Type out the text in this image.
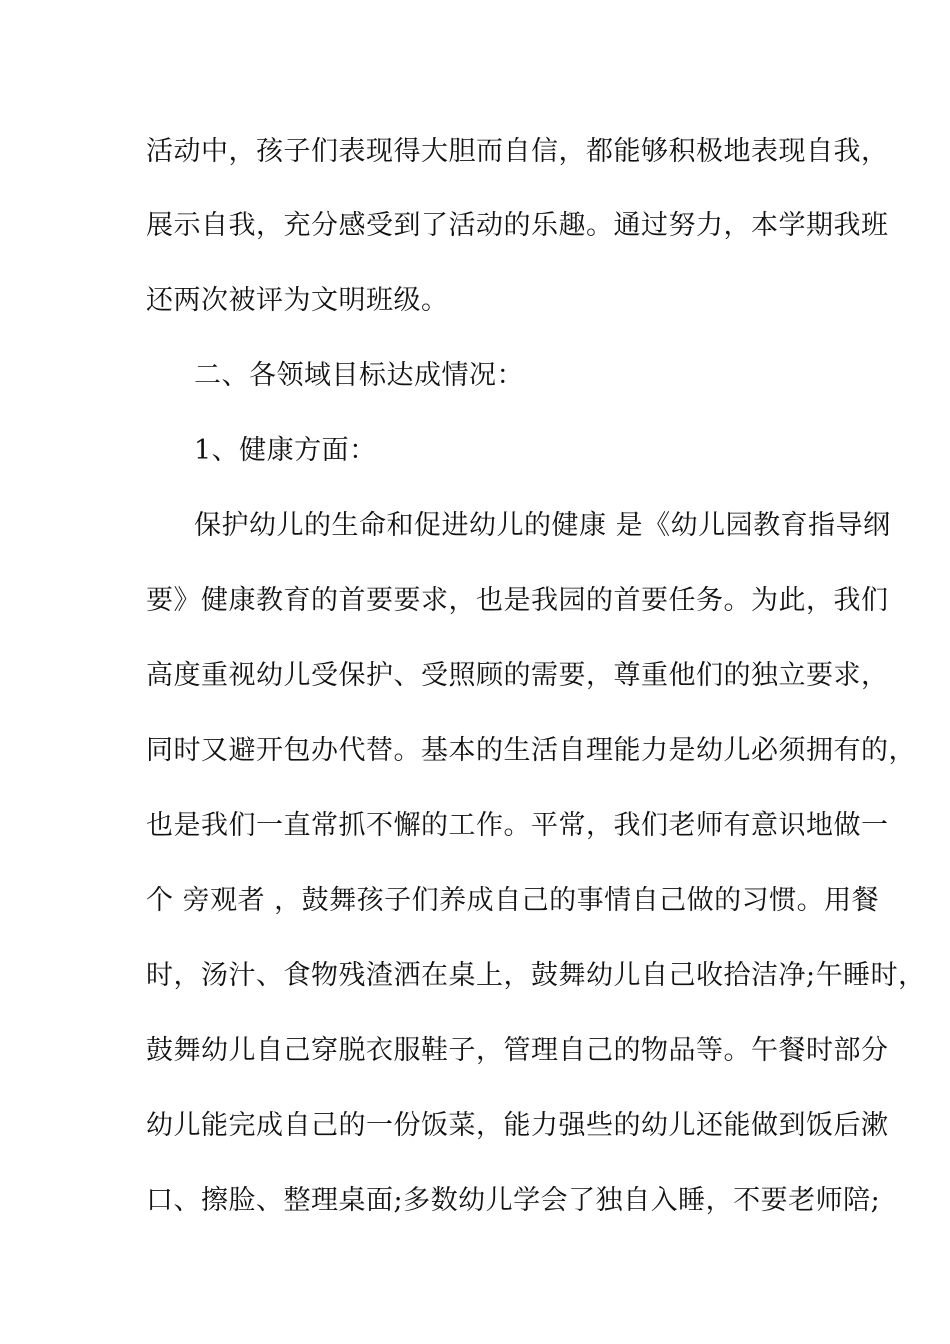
活动中，孩子们表现得大胆而自信，都能够积极地表现自我，
展示自我，充分感受到了活动的乐趣。通过努力，本学期我班
还两次被评为文明班级。
二、各领域目标达成情况：
1、健康方面：
保护幼儿的生命和促进幼儿的健康 是《幼儿园教育指导纲
要》健康教育的首要要求，也是我园的首要任务。为此，我们
高度重视幼儿受保护、受照顾的需要，尊重他们的独立要求，
同时又避开包办代替。基本的生活自理能力是幼儿必须拥有的，
也是我们一直常抓不懈的工作。平常，我们老师有意识地做一
个 旁观者 ，鼓舞孩子们养成自己的事情自己做的习惯。用餐
时，汤汁、食物残渣洒在桌上，鼓舞幼儿自己收拾洁净;午睡时，
鼓舞幼儿自己穿脱衣服鞋子，管理自己的物品等。午餐时部分
幼儿能完成自己的一份饭菜，能力强些的幼儿还能做到饭后漱
口、擦脸、整理桌面;多数幼儿学会了独自入睡，不要老师陪;
